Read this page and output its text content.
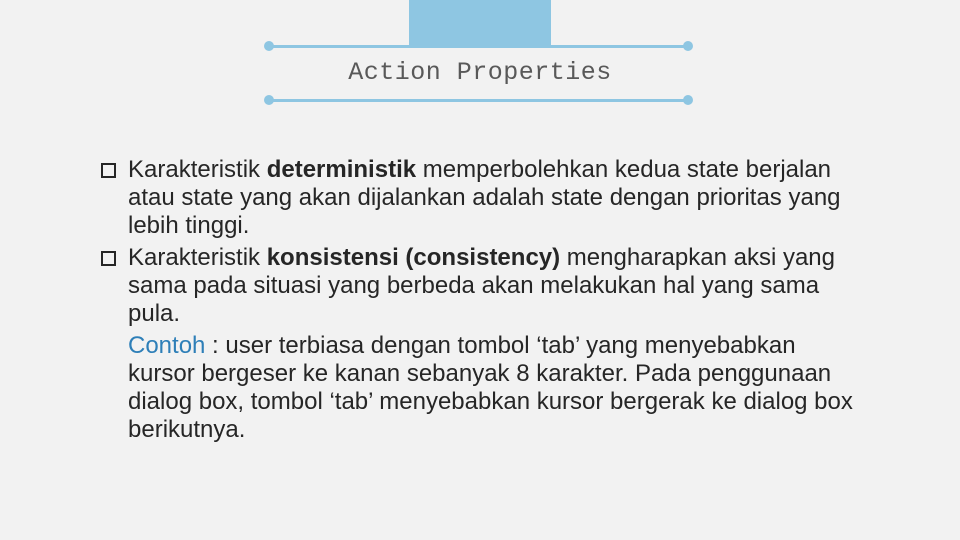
Action Properties
Karakteristik deterministik memperbolehkan kedua state berjalan atau state yang akan dijalankan adalah state dengan prioritas yang lebih tinggi.
Karakteristik konsistensi (consistency) mengharapkan aksi yang sama pada situasi yang berbeda akan melakukan hal yang sama pula.
Contoh : user terbiasa dengan tombol ‘tab’ yang menyebabkan kursor bergeser ke kanan sebanyak 8 karakter. Pada penggunaan dialog box, tombol ‘tab’ menyebabkan kursor bergerak ke dialog box berikutnya.
